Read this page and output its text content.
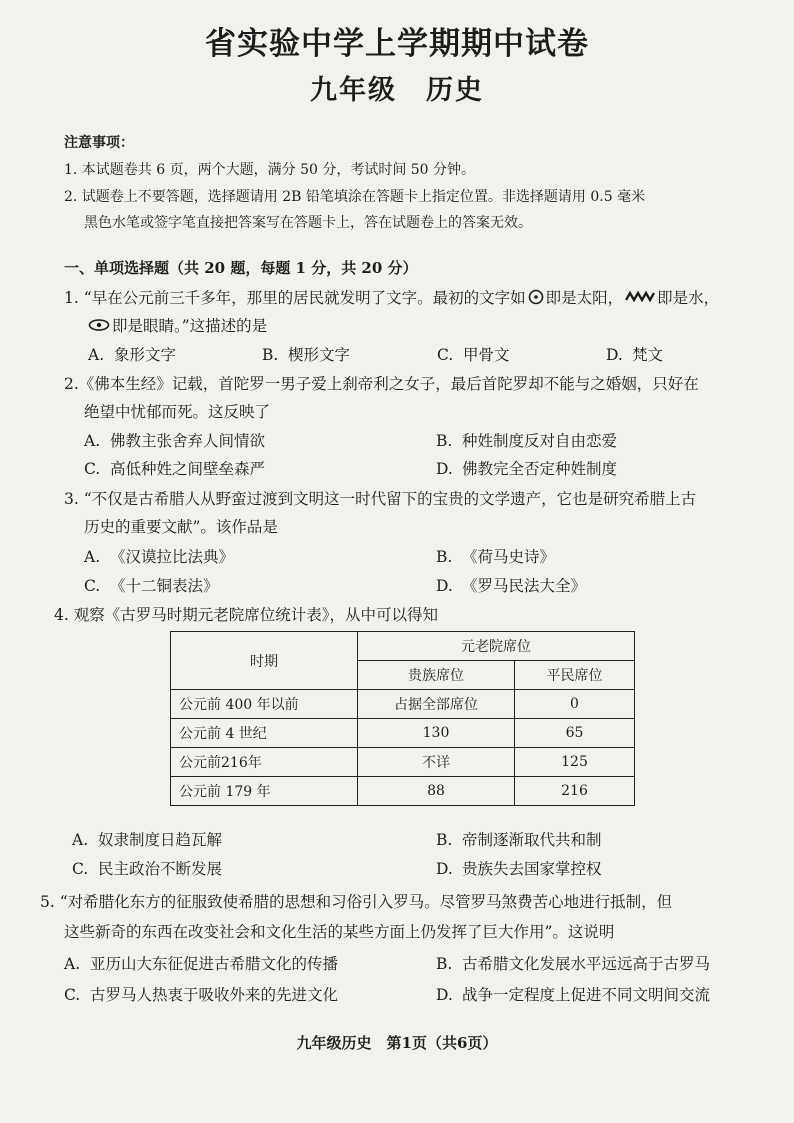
省实验中学上学期期中试卷
九年级　历史
注意事项：
1. 本试题卷共 6 页，两个大题，满分 50 分，考试时间 50 分钟。
2. 试题卷上不要答题，选择题请用 2B 铅笔填涂在答题卡上指定位置。非选择题请用 0.5 毫米
黑色水笔或签字笔直接把答案写在答题卡上，答在试题卷上的答案无效。
一、单项选择题（共 20 题，每题 1 分，共 20 分）
1. “早在公元前三千多年，那里的居民就发明了文字。最初的文字如 即是太阳， 即是水，
即是眼睛。”这描述的是
A. 象形文字	B. 楔形文字	C. 甲骨文	D. 梵文
2.《佛本生经》记载，首陀罗一男子爱上刹帝利之女子，最后首陀罗却不能与之婚姻，只好在
绝望中忧郁而死。这反映了
A. 佛教主张舍弃人间情欲	B. 种姓制度反对自由恋爱
C. 高低种姓之间壁垒森严	D. 佛教完全否定种姓制度
3. “不仅是古希腊人从野蛮过渡到文明这一时代留下的宝贵的文学遗产，它也是研究希腊上古
历史的重要文献”。该作品是
A. 《汉谟拉比法典》	B. 《荷马史诗》
C. 《十二铜表法》	D. 《罗马民法大全》
4. 观察《古罗马时期元老院席位统计表》，从中可以得知
时期	元老院席位	
	贵族席位	平民席位
公元前 400 年以前	占据全部席位	0
公元前 4 世纪	130	65
公元前216年	不详	125
公元前 179 年	88	216
A. 奴隶制度日趋瓦解	B. 帝制逐渐取代共和制
C. 民主政治不断发展	D. 贵族失去国家掌控权
5. “对希腊化东方的征服致使希腊的思想和习俗引入罗马。尽管罗马煞费苦心地进行抵制，但
这些新奇的东西在改变社会和文化生活的某些方面上仍发挥了巨大作用”。这说明
A. 亚历山大东征促进古希腊文化的传播	B. 古希腊文化发展水平远远高于古罗马
C. 古罗马人热衷于吸收外来的先进文化	D. 战争一定程度上促进不同文明间交流
九年级历史　第1页（共6页）
